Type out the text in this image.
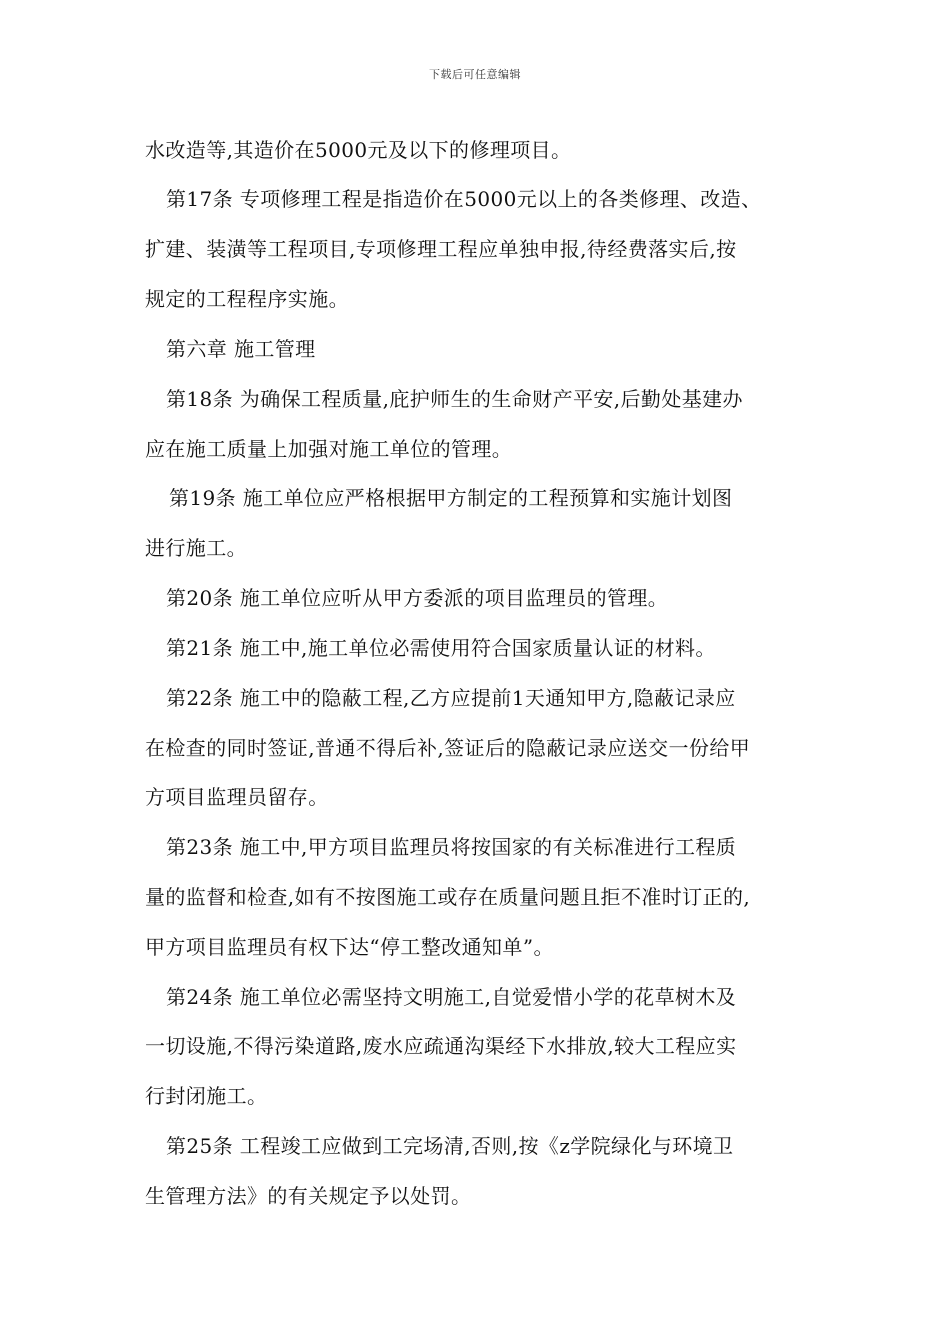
下载后可任意编辑
水改造等,其造价在5000元及以下的修理项目。
第17条 专项修理工程是指造价在5000元以上的各类修理、改造、
扩建、装潢等工程项目,专项修理工程应单独申报,待经费落实后,按
规定的工程程序实施。
第六章 施工管理
第18条 为确保工程质量,庇护师生的生命财产平安,后勤处基建办
应在施工质量上加强对施工单位的管理。
第19条 施工单位应严格根据甲方制定的工程预算和实施计划图
进行施工。
第20条 施工单位应听从甲方委派的项目监理员的管理。
第21条 施工中,施工单位必需使用符合国家质量认证的材料。
第22条 施工中的隐蔽工程,乙方应提前1天通知甲方,隐蔽记录应
在检查的同时签证,普通不得后补,签证后的隐蔽记录应送交一份给甲
方项目监理员留存。
第23条 施工中,甲方项目监理员将按国家的有关标准进行工程质
量的监督和检查,如有不按图施工或存在质量问题且拒不准时订正的,
甲方项目监理员有权下达“停工整改通知单”。
第24条 施工单位必需坚持文明施工,自觉爱惜小学的花草树木及
一切设施,不得污染道路,废水应疏通沟渠经下水排放,较大工程应实
行封闭施工。
第25条 工程竣工应做到工完场清,否则,按《z学院绿化与环境卫
生管理方法》的有关规定予以处罚。
